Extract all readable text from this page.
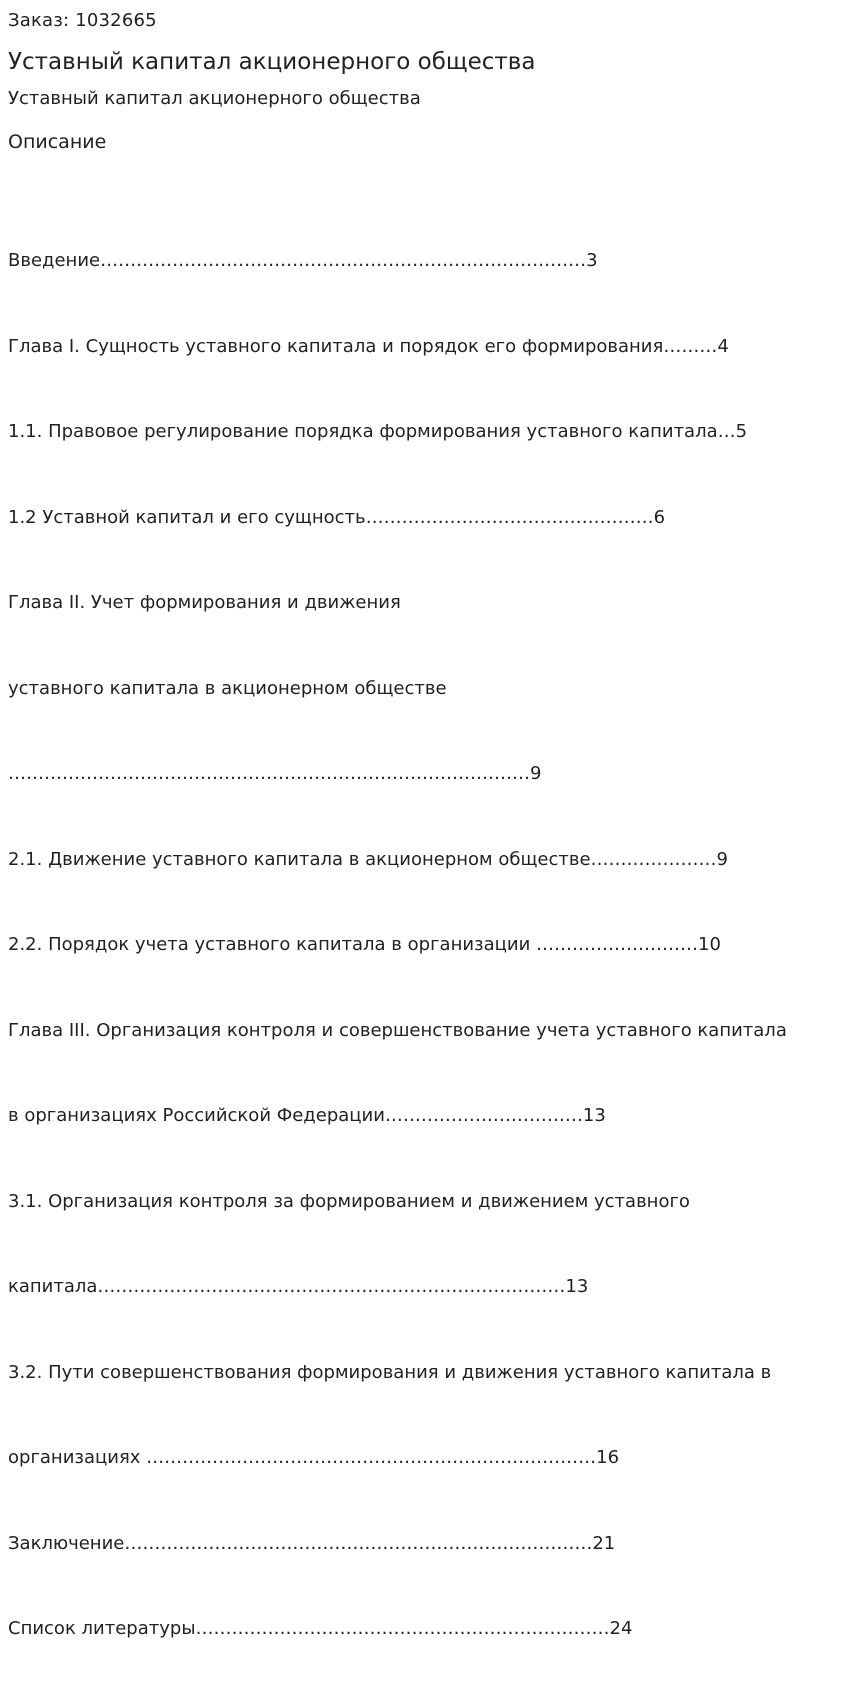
Заказ: 1032665
Уставный капитал акционерного общества
Уставный капитал акционерного общества
Описание

Введение………………………………………………………………………3

Глава I. Сущность уставного капитала и порядок его формирования………4

1.1. Правовое регулирование порядка формирования уставного капитала…5

1.2 Уставной капитал и его сущность…………………………………………6

Глава II. Учет формирования и движения

уставного капитала в акционерном обществе

……………………………………………………………………………9

2.1. Движение уставного капитала в акционерном обществе…………………9

2.2. Порядок учета уставного капитала в организации ………………………10

Глава III. Организация контроля и совершенствование учета уставного капитала

в организациях Российской Федерации……………………………13

3.1. Организация контроля за формированием и движением уставного

капитала……………………………………………………………………13

3.2. Пути совершенствования формирования и движения уставного капитала в

организациях …………………………………………………………………16

Заключение……………………………………………………………………21

Список литературы……………………………………………………………24
